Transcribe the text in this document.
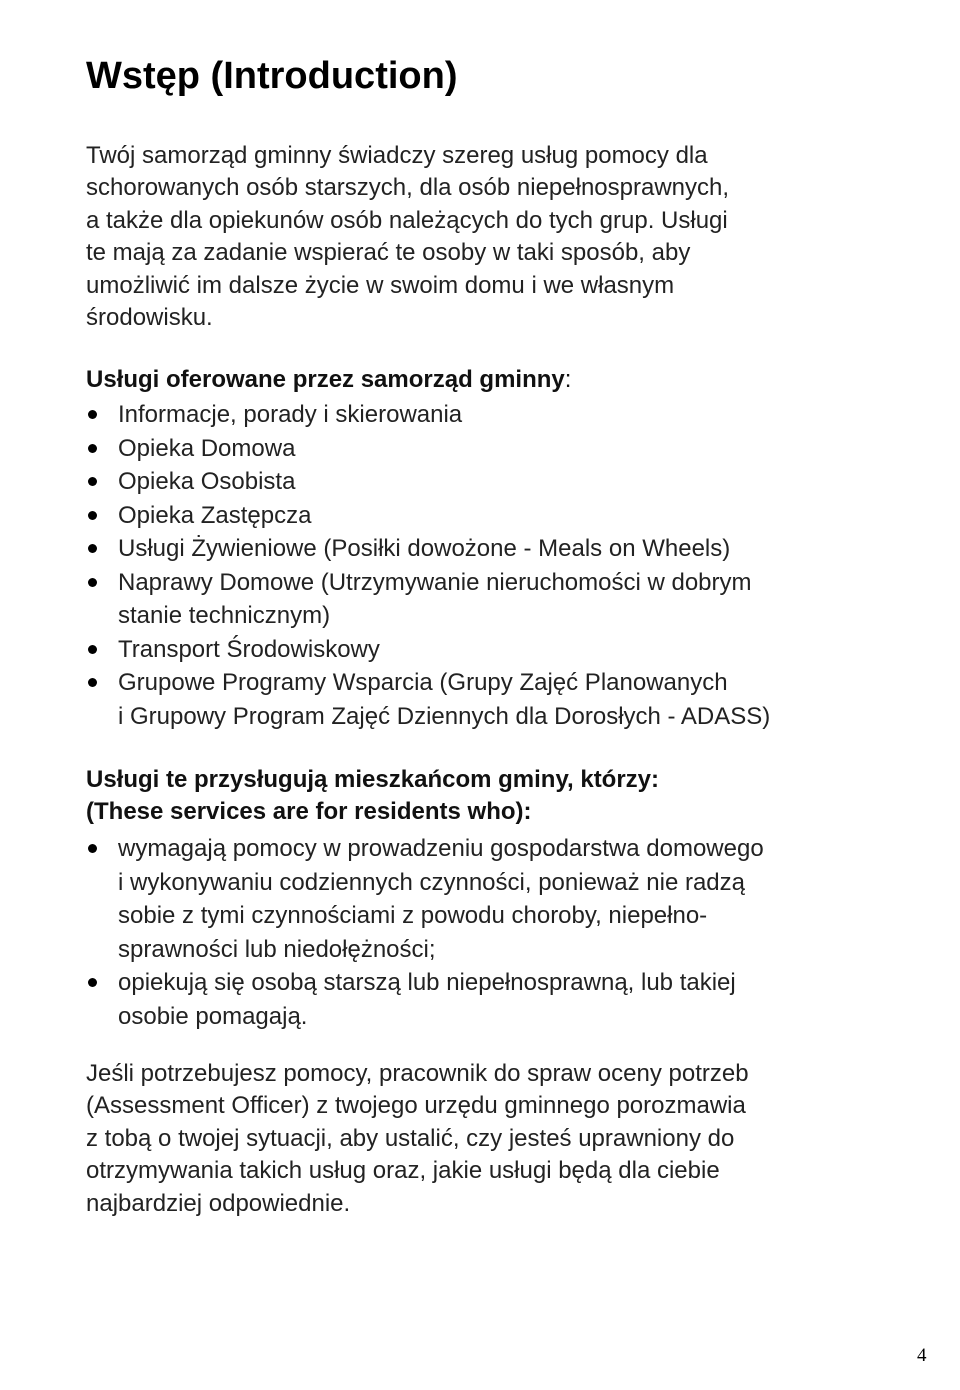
Wstęp (Introduction)

Twój samorząd gminny świadczy szereg usług pomocy dla
schorowanych osób starszych, dla osób niepełnosprawnych,
a także dla opiekunów osób należących do tych grup. Usługi
te mają za zadanie wspierać te osoby w taki sposób, aby
umożliwić im dalsze życie w swoim domu i we własnym
środowisku.

Usługi oferowane przez samorząd gminny:
Informacje, porady i skierowania
Opieka Domowa
Opieka Osobista
Opieka Zastępcza
Usługi Żywieniowe (Posiłki dowożone - Meals on Wheels)
Naprawy Domowe (Utrzymywanie nieruchomości w dobrym
stanie technicznym)
Transport Środowiskowy
Grupowe Programy Wsparcia (Grupy Zajęć Planowanych
i Grupowy Program Zajęć Dziennych dla Dorosłych - ADASS)
Usługi te przysługują mieszkańcom gminy, którzy:
(These services are for residents who):
wymagają pomocy w prowadzeniu gospodarstwa domowego
i wykonywaniu codziennych czynności, ponieważ nie radzą
sobie z tymi czynnościami z powodu choroby, niepełno-
sprawności lub niedołężności;
opiekują się osobą starszą lub niepełnosprawną, lub takiej
osobie pomagają.

Jeśli potrzebujesz pomocy, pracownik do spraw oceny potrzeb
(Assessment Officer) z twojego urzędu gminnego porozmawia
z tobą o twojej sytuacji, aby ustalić, czy jesteś uprawniony do
otrzymywania takich usług oraz, jakie usługi będą dla ciebie
najbardziej odpowiednie.

4
